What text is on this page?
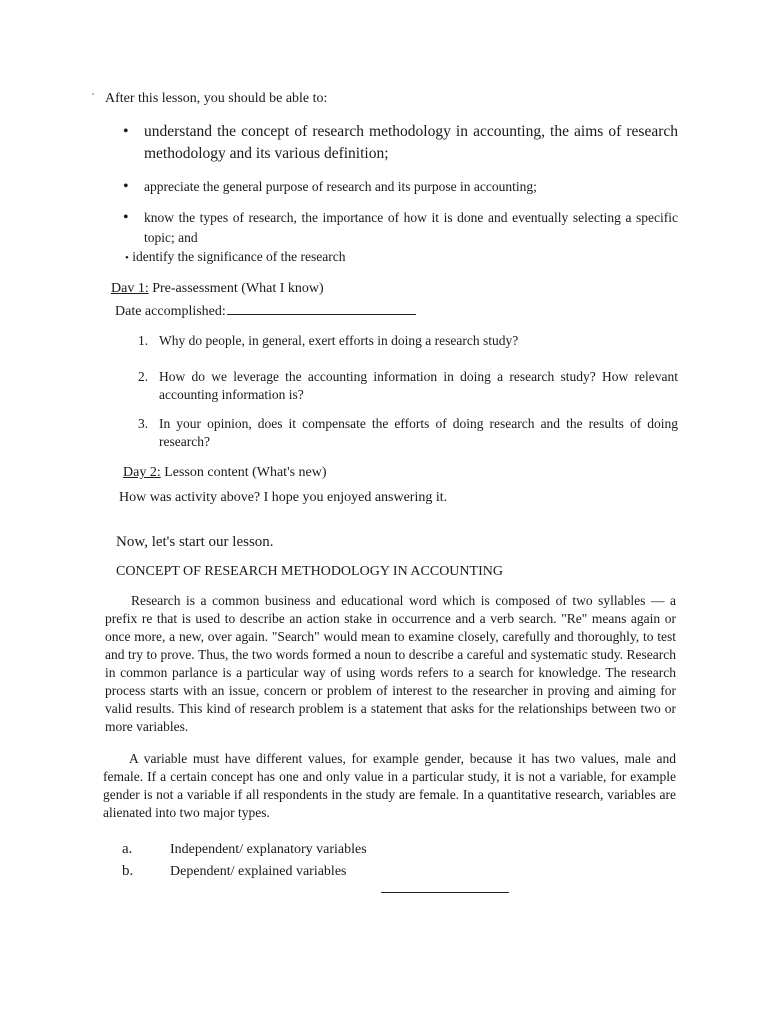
After this lesson, you should be able to:
• understand the concept of research methodology in accounting, the aims of research methodology and its various definition;
• appreciate the general purpose of research and its purpose in accounting;
• know the types of research, the importance of how it is done and eventually selecting a specific topic; and
• identify the significance of the research
Dav 1: Pre-assessment (What I know)
Date accomplished:
1. Why do people, in general, exert efforts in doing a research study?
2. How do we leverage the accounting information in doing a research study? How relevant accounting information is?
3. In your opinion, does it compensate the efforts of doing research and the results of doing research?
Day 2: Lesson content (What's new)
How was activity above? I hope you enjoyed answering it.
Now, let's start our lesson.
CONCEPT OF RESEARCH METHODOLOGY IN ACCOUNTING
Research is a common business and educational word which is composed of two syllables — a prefix re that is used to describe an action stake in occurrence and a verb search. "Re" means again or once more, a new, over again. "Search" would mean to examine closely, carefully and thoroughly, to test and try to prove. Thus, the two words formed a noun to describe a careful and systematic study. Research in common parlance is a particular way of using words refers to a search for knowledge. The research process starts with an issue, concern or problem of interest to the researcher in proving and aiming for valid results. This kind of research problem is a statement that asks for the relationships between two or more variables.
A variable must have different values, for example gender, because it has two values, male and female. If a certain concept has one and only value in a particular study, it is not a variable, for example gender is not a variable if all respondents in the study are female. In a quantitative research, variables are alienated into two major types.
a.	Independent/ explanatory variables
b.	Dependent/ explained variables
